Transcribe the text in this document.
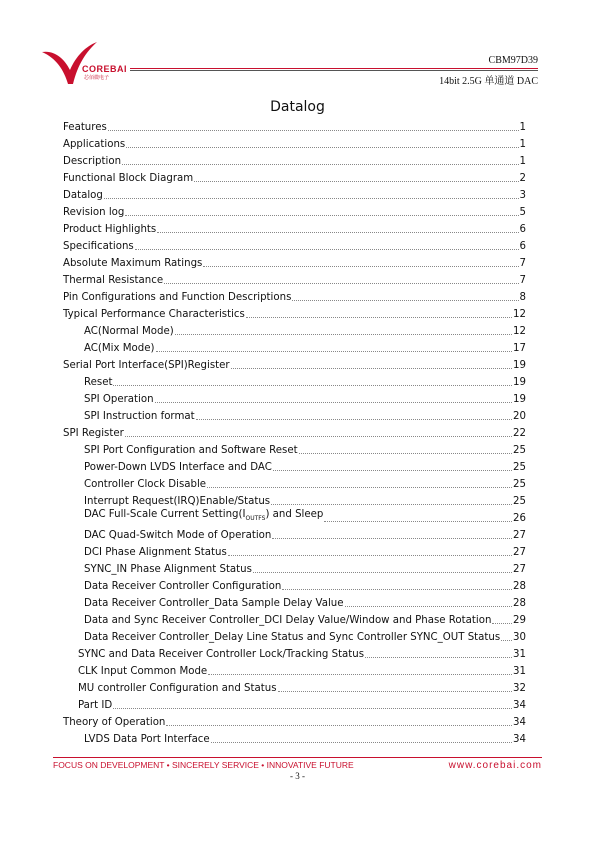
COREBAI
芯佰微电子
CBM97D39
14bit 2.5G 单通道 DAC
Datalog
Features	1
Applications	1
Description	1
Functional Block Diagram	2
Datalog	3
Revision log	5
Product Highlights	6
Specifications	6
Absolute Maximum Ratings	7
Thermal Resistance	7
Pin Configurations and Function Descriptions	8
Typical Performance Characteristics	12
AC(Normal Mode)	12
AC(Mix Mode)	17
Serial Port Interface(SPI)Register	19
Reset	19
SPI Operation	19
SPI Instruction format	20
SPI Register	22
SPI Port Configuration and Software Reset	25
Power-Down LVDS Interface and DAC	25
Controller Clock Disable	25
Interrupt Request(IRQ)Enable/Status	25
DAC Full-Scale Current $Setting(I_{OUTFS})$ and Sleep	26
DAC Quad-Switch Mode of Operation	27
DCI Phase Alignment Status	27
SYNC_IN Phase Alignment Status	27
Data Receiver Controller Configuration	28
Data Receiver Controller_Data Sample Delay Value	28
Data and Sync Receiver Controller_DCI Delay Value/Window and Phase Rotation 29
Data Receiver Controller_Delay Line Status and Sync Controller SYNC_OUT Status 30
SYNC and Data Receiver Controller Lock/Tracking Status	31
CLK Input Common Mode	31
MU controller Configuration and Status	32
Part ID	34
Theory of Operation	34
LVDS Data Port Interface	34
FOCUS ON DEVELOPMENT • SINCERELY SERVICE • INNOVATIVE FUTURE	www.corebai.com
- 3 -
